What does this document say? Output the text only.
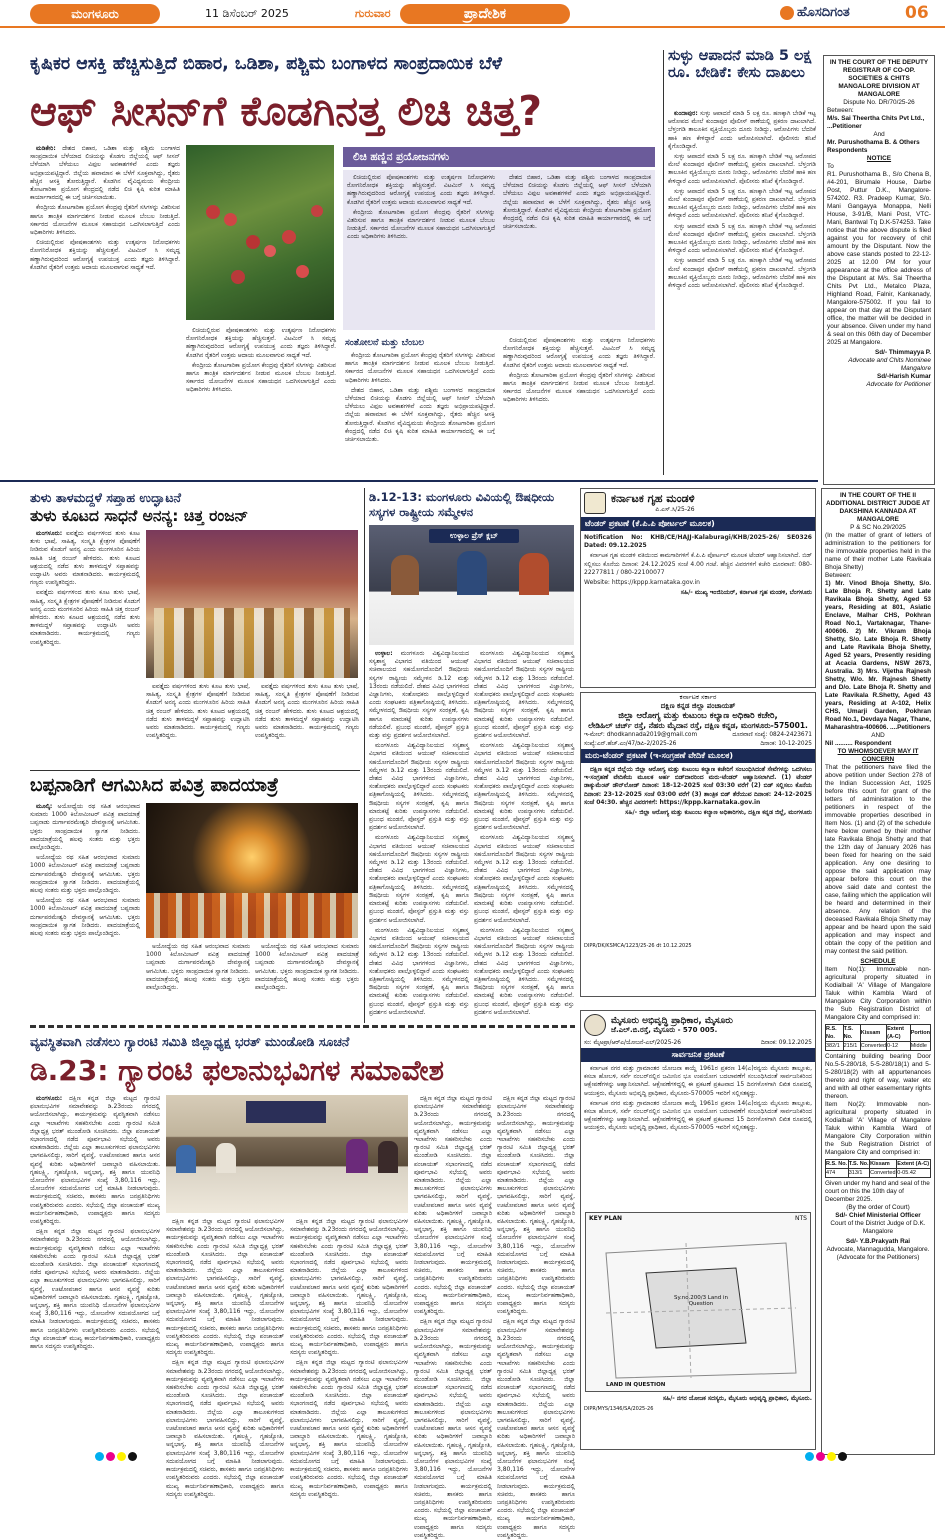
ಮಂಗಳೂರು	11 ಡಿಸೆಂಬರ್ 2025	ಗುರುವಾರ	ಪ್ರಾದೇಶಿಕ	ಹೊಸದಿಗಂತ	06
ಕೃಷಿಕರ ಆಸಕ್ತಿ ಹೆಚ್ಚಿಸುತ್ತಿದೆ ಬಿಹಾರ, ಒಡಿಶಾ, ಪಶ್ಚಿಮ ಬಂಗಾಳದ ಸಾಂಪ್ರದಾಯಿಕ ಬೆಳೆ
ಆಫ್ ಸೀಸನ್‌ಗೆ ಕೊಡಗಿನತ್ತ ಲಿಚಿ ಚಿತ್ತ?

ಮಡಿಕೇರಿ: ದೇಶದ ಬಿಹಾರ, ಒಡಿಶಾ ಮತ್ತು ಪಶ್ಚಿಮ ಬಂಗಾಳದ ಸಾಂಪ್ರದಾಯಿಕ ಬೆಳೆಯಾದ ಲಿಚಿಯನ್ನು ಕೊಡಗು ಜಿಲ್ಲೆಯಲ್ಲಿ ಆಫ್ ಸೀಸನ್ ಬೆಳೆಯಾಗಿ ಬೆಳೆಯಲು ವಿಫುಲ ಅವಕಾಶಗಳಿವೆ ಎಂದು ತಜ್ಞರು ಅಭಿಪ್ರಾಯಪಟ್ಟಿದ್ದಾರೆ. ಜಿಲ್ಲೆಯ ಹವಾಮಾನ ಈ ಬೆಳೆಗೆ ಸೂಕ್ತವಾಗಿದ್ದು, ರೈತರು ಹೆಚ್ಚಿನ ಆಸಕ್ತಿ ತೋರುತ್ತಿದ್ದಾರೆ. ಕೊಡಗಿನ ವೈವಿಧ್ಯಮಯ ಕೇಂದ್ರೀಯ ತೋಟಗಾರಿಕಾ ಪ್ರಯೋಗ ಕೇಂದ್ರದಲ್ಲಿ ನಡೆದ ಲಿಚಿ ಕೃಷಿ ಕುರಿತ ಮಾಹಿತಿ ಕಾರ್ಯಾಗಾರದಲ್ಲಿ ಈ ಬಗ್ಗೆ ಚರ್ಚಿಸಲಾಯಿತು.

ಕೇಂದ್ರೀಯ ತೋಟಗಾರಿಕಾ ಪ್ರಯೋಗ ಕೇಂದ್ರವು ರೈತರಿಗೆ ಸಸಿಗಳನ್ನು ವಿತರಿಸುವ ಹಾಗೂ ತಾಂತ್ರಿಕ ಮಾರ್ಗದರ್ಶನ ನೀಡುವ ಮೂಲಕ ಬೆಂಬಲ ನೀಡುತ್ತಿದೆ. ಸರ್ಕಾರದ ಯೋಜನೆಗಳ ಮೂಲಕ ಸಹಾಯಧನ ಒದಗಿಸಲಾಗುತ್ತಿದೆ ಎಂದು ಅಧಿಕಾರಿಗಳು ತಿಳಿಸಿದರು.

ಲಿಚಿಯಲ್ಲಿರುವ ಪೋಷಕಾಂಶಗಳು ಮತ್ತು ಉತ್ಕರ್ಷಣ ನಿರೋಧಕಗಳು ರೋಗನಿರೋಧಕ ಶಕ್ತಿಯನ್ನು ಹೆಚ್ಚಿಸುತ್ತವೆ. ವಿಟಮಿನ್ ಸಿ ಸಮೃದ್ಧ ಹಣ್ಣಾಗಿರುವುದರಿಂದ ಆರೋಗ್ಯಕ್ಕೆ ಉಪಯುಕ್ತ ಎಂದು ತಜ್ಞರು ತಿಳಿಸಿದ್ದಾರೆ. ಕೊಡಗಿನ ರೈತರಿಗೆ ಉತ್ತಮ ಆದಾಯ ಮೂಲವಾಗುವ ಸಾಧ್ಯತೆ ಇದೆ.

ಲಿಚಿ ಹಣ್ಣಿನ ಪ್ರಯೋಜನಗಳು

ಲಿಚಿಯಲ್ಲಿರುವ ಪೋಷಕಾಂಶಗಳು ಮತ್ತು ಉತ್ಕರ್ಷಣ ನಿರೋಧಕಗಳು ರೋಗನಿರೋಧಕ ಶಕ್ತಿಯನ್ನು ಹೆಚ್ಚಿಸುತ್ತವೆ. ವಿಟಮಿನ್ ಸಿ ಸಮೃದ್ಧ ಹಣ್ಣಾಗಿರುವುದರಿಂದ ಆರೋಗ್ಯಕ್ಕೆ ಉಪಯುಕ್ತ ಎಂದು ತಜ್ಞರು ತಿಳಿಸಿದ್ದಾರೆ. ಕೊಡಗಿನ ರೈತರಿಗೆ ಉತ್ತಮ ಆದಾಯ ಮೂಲವಾಗುವ ಸಾಧ್ಯತೆ ಇದೆ.

ಕೇಂದ್ರೀಯ ತೋಟಗಾರಿಕಾ ಪ್ರಯೋಗ ಕೇಂದ್ರವು ರೈತರಿಗೆ ಸಸಿಗಳನ್ನು ವಿತರಿಸುವ ಹಾಗೂ ತಾಂತ್ರಿಕ ಮಾರ್ಗದರ್ಶನ ನೀಡುವ ಮೂಲಕ ಬೆಂಬಲ ನೀಡುತ್ತಿದೆ. ಸರ್ಕಾರದ ಯೋಜನೆಗಳ ಮೂಲಕ ಸಹಾಯಧನ ಒದಗಿಸಲಾಗುತ್ತಿದೆ ಎಂದು ಅಧಿಕಾರಿಗಳು ತಿಳಿಸಿದರು.

ದೇಶದ ಬಿಹಾರ, ಒಡಿಶಾ ಮತ್ತು ಪಶ್ಚಿಮ ಬಂಗಾಳದ ಸಾಂಪ್ರದಾಯಿಕ ಬೆಳೆಯಾದ ಲಿಚಿಯನ್ನು ಕೊಡಗು ಜಿಲ್ಲೆಯಲ್ಲಿ ಆಫ್ ಸೀಸನ್ ಬೆಳೆಯಾಗಿ ಬೆಳೆಯಲು ವಿಫುಲ ಅವಕಾಶಗಳಿವೆ ಎಂದು ತಜ್ಞರು ಅಭಿಪ್ರಾಯಪಟ್ಟಿದ್ದಾರೆ. ಜಿಲ್ಲೆಯ ಹವಾಮಾನ ಈ ಬೆಳೆಗೆ ಸೂಕ್ತವಾಗಿದ್ದು, ರೈತರು ಹೆಚ್ಚಿನ ಆಸಕ್ತಿ ತೋರುತ್ತಿದ್ದಾರೆ. ಕೊಡಗಿನ ವೈವಿಧ್ಯಮಯ ಕೇಂದ್ರೀಯ ತೋಟಗಾರಿಕಾ ಪ್ರಯೋಗ ಕೇಂದ್ರದಲ್ಲಿ ನಡೆದ ಲಿಚಿ ಕೃಷಿ ಕುರಿತ ಮಾಹಿತಿ ಕಾರ್ಯಾಗಾರದಲ್ಲಿ ಈ ಬಗ್ಗೆ ಚರ್ಚಿಸಲಾಯಿತು.

ಲಿಚಿಯಲ್ಲಿರುವ ಪೋಷಕಾಂಶಗಳು ಮತ್ತು ಉತ್ಕರ್ಷಣ ನಿರೋಧಕಗಳು ರೋಗನಿರೋಧಕ ಶಕ್ತಿಯನ್ನು ಹೆಚ್ಚಿಸುತ್ತವೆ. ವಿಟಮಿನ್ ಸಿ ಸಮೃದ್ಧ ಹಣ್ಣಾಗಿರುವುದರಿಂದ ಆರೋಗ್ಯಕ್ಕೆ ಉಪಯುಕ್ತ ಎಂದು ತಜ್ಞರು ತಿಳಿಸಿದ್ದಾರೆ. ಕೊಡಗಿನ ರೈತರಿಗೆ ಉತ್ತಮ ಆದಾಯ ಮೂಲವಾಗುವ ಸಾಧ್ಯತೆ ಇದೆ.

ಕೇಂದ್ರೀಯ ತೋಟಗಾರಿಕಾ ಪ್ರಯೋಗ ಕೇಂದ್ರವು ರೈತರಿಗೆ ಸಸಿಗಳನ್ನು ವಿತರಿಸುವ ಹಾಗೂ ತಾಂತ್ರಿಕ ಮಾರ್ಗದರ್ಶನ ನೀಡುವ ಮೂಲಕ ಬೆಂಬಲ ನೀಡುತ್ತಿದೆ. ಸರ್ಕಾರದ ಯೋಜನೆಗಳ ಮೂಲಕ ಸಹಾಯಧನ ಒದಗಿಸಲಾಗುತ್ತಿದೆ ಎಂದು ಅಧಿಕಾರಿಗಳು ತಿಳಿಸಿದರು.

ಸಂತೋಲನೆ ಮತ್ತು ಬೆಂಬಲ

ಕೇಂದ್ರೀಯ ತೋಟಗಾರಿಕಾ ಪ್ರಯೋಗ ಕೇಂದ್ರವು ರೈತರಿಗೆ ಸಸಿಗಳನ್ನು ವಿತರಿಸುವ ಹಾಗೂ ತಾಂತ್ರಿಕ ಮಾರ್ಗದರ್ಶನ ನೀಡುವ ಮೂಲಕ ಬೆಂಬಲ ನೀಡುತ್ತಿದೆ. ಸರ್ಕಾರದ ಯೋಜನೆಗಳ ಮೂಲಕ ಸಹಾಯಧನ ಒದಗಿಸಲಾಗುತ್ತಿದೆ ಎಂದು ಅಧಿಕಾರಿಗಳು ತಿಳಿಸಿದರು.

ದೇಶದ ಬಿಹಾರ, ಒಡಿಶಾ ಮತ್ತು ಪಶ್ಚಿಮ ಬಂಗಾಳದ ಸಾಂಪ್ರದಾಯಿಕ ಬೆಳೆಯಾದ ಲಿಚಿಯನ್ನು ಕೊಡಗು ಜಿಲ್ಲೆಯಲ್ಲಿ ಆಫ್ ಸೀಸನ್ ಬೆಳೆಯಾಗಿ ಬೆಳೆಯಲು ವಿಫುಲ ಅವಕಾಶಗಳಿವೆ ಎಂದು ತಜ್ಞರು ಅಭಿಪ್ರಾಯಪಟ್ಟಿದ್ದಾರೆ. ಜಿಲ್ಲೆಯ ಹವಾಮಾನ ಈ ಬೆಳೆಗೆ ಸೂಕ್ತವಾಗಿದ್ದು, ರೈತರು ಹೆಚ್ಚಿನ ಆಸಕ್ತಿ ತೋರುತ್ತಿದ್ದಾರೆ. ಕೊಡಗಿನ ವೈವಿಧ್ಯಮಯ ಕೇಂದ್ರೀಯ ತೋಟಗಾರಿಕಾ ಪ್ರಯೋಗ ಕೇಂದ್ರದಲ್ಲಿ ನಡೆದ ಲಿಚಿ ಕೃಷಿ ಕುರಿತ ಮಾಹಿತಿ ಕಾರ್ಯಾಗಾರದಲ್ಲಿ ಈ ಬಗ್ಗೆ ಚರ್ಚಿಸಲಾಯಿತು.

ಲಿಚಿಯಲ್ಲಿರುವ ಪೋಷಕಾಂಶಗಳು ಮತ್ತು ಉತ್ಕರ್ಷಣ ನಿರೋಧಕಗಳು ರೋಗನಿರೋಧಕ ಶಕ್ತಿಯನ್ನು ಹೆಚ್ಚಿಸುತ್ತವೆ. ವಿಟಮಿನ್ ಸಿ ಸಮೃದ್ಧ ಹಣ್ಣಾಗಿರುವುದರಿಂದ ಆರೋಗ್ಯಕ್ಕೆ ಉಪಯುಕ್ತ ಎಂದು ತಜ್ಞರು ತಿಳಿಸಿದ್ದಾರೆ. ಕೊಡಗಿನ ರೈತರಿಗೆ ಉತ್ತಮ ಆದಾಯ ಮೂಲವಾಗುವ ಸಾಧ್ಯತೆ ಇದೆ.

ಕೇಂದ್ರೀಯ ತೋಟಗಾರಿಕಾ ಪ್ರಯೋಗ ಕೇಂದ್ರವು ರೈತರಿಗೆ ಸಸಿಗಳನ್ನು ವಿತರಿಸುವ ಹಾಗೂ ತಾಂತ್ರಿಕ ಮಾರ್ಗದರ್ಶನ ನೀಡುವ ಮೂಲಕ ಬೆಂಬಲ ನೀಡುತ್ತಿದೆ. ಸರ್ಕಾರದ ಯೋಜನೆಗಳ ಮೂಲಕ ಸಹಾಯಧನ ಒದಗಿಸಲಾಗುತ್ತಿದೆ ಎಂದು ಅಧಿಕಾರಿಗಳು ತಿಳಿಸಿದರು.

ಸುಳ್ಳು ಆಪಾದನೆ ಮಾಡಿ 5 ಲಕ್ಷ ರೂ. ಬೇಡಿಕೆ: ಕೇಸು ದಾಖಲು

ಕುಂದಾಪುರ: ಸುಳ್ಳು ಆಪಾದನೆ ಮಾಡಿ 5 ಲಕ್ಷ ರೂ. ಹಣಕ್ಕಾಗಿ ಬೇಡಿಕೆ ಇಟ್ಟ ಆರೋಪದ ಮೇಲೆ ಕುಂದಾಪುರ ಪೊಲೀಸ್ ಠಾಣೆಯಲ್ಲಿ ಪ್ರಕರಣ ದಾಖಲಾಗಿದೆ. ಬೆಳ್ತಂಗಡಿ ತಾಲೂಕಿನ ವ್ಯಕ್ತಿಯೊಬ್ಬರು ದೂರು ನೀಡಿದ್ದು, ಆರೋಪಿಗಳು ಬೆದರಿಕೆ ಹಾಕಿ ಹಣ ಕೇಳಿದ್ದಾರೆ ಎಂದು ಆರೋಪಿಸಲಾಗಿದೆ. ಪೊಲೀಸರು ತನಿಖೆ ಕೈಗೊಂಡಿದ್ದಾರೆ.

ಸುಳ್ಳು ಆಪಾದನೆ ಮಾಡಿ 5 ಲಕ್ಷ ರೂ. ಹಣಕ್ಕಾಗಿ ಬೇಡಿಕೆ ಇಟ್ಟ ಆರೋಪದ ಮೇಲೆ ಕುಂದಾಪುರ ಪೊಲೀಸ್ ಠಾಣೆಯಲ್ಲಿ ಪ್ರಕರಣ ದಾಖಲಾಗಿದೆ. ಬೆಳ್ತಂಗಡಿ ತಾಲೂಕಿನ ವ್ಯಕ್ತಿಯೊಬ್ಬರು ದೂರು ನೀಡಿದ್ದು, ಆರೋಪಿಗಳು ಬೆದರಿಕೆ ಹಾಕಿ ಹಣ ಕೇಳಿದ್ದಾರೆ ಎಂದು ಆರೋಪಿಸಲಾಗಿದೆ. ಪೊಲೀಸರು ತನಿಖೆ ಕೈಗೊಂಡಿದ್ದಾರೆ.

ಸುಳ್ಳು ಆಪಾದನೆ ಮಾಡಿ 5 ಲಕ್ಷ ರೂ. ಹಣಕ್ಕಾಗಿ ಬೇಡಿಕೆ ಇಟ್ಟ ಆರೋಪದ ಮೇಲೆ ಕುಂದಾಪುರ ಪೊಲೀಸ್ ಠಾಣೆಯಲ್ಲಿ ಪ್ರಕರಣ ದಾಖಲಾಗಿದೆ. ಬೆಳ್ತಂಗಡಿ ತಾಲೂಕಿನ ವ್ಯಕ್ತಿಯೊಬ್ಬರು ದೂರು ನೀಡಿದ್ದು, ಆರೋಪಿಗಳು ಬೆದರಿಕೆ ಹಾಕಿ ಹಣ ಕೇಳಿದ್ದಾರೆ ಎಂದು ಆರೋಪಿಸಲಾಗಿದೆ. ಪೊಲೀಸರು ತನಿಖೆ ಕೈಗೊಂಡಿದ್ದಾರೆ.

ಸುಳ್ಳು ಆಪಾದನೆ ಮಾಡಿ 5 ಲಕ್ಷ ರೂ. ಹಣಕ್ಕಾಗಿ ಬೇಡಿಕೆ ಇಟ್ಟ ಆರೋಪದ ಮೇಲೆ ಕುಂದಾಪುರ ಪೊಲೀಸ್ ಠಾಣೆಯಲ್ಲಿ ಪ್ರಕರಣ ದಾಖಲಾಗಿದೆ. ಬೆಳ್ತಂಗಡಿ ತಾಲೂಕಿನ ವ್ಯಕ್ತಿಯೊಬ್ಬರು ದೂರು ನೀಡಿದ್ದು, ಆರೋಪಿಗಳು ಬೆದರಿಕೆ ಹಾಕಿ ಹಣ ಕೇಳಿದ್ದಾರೆ ಎಂದು ಆರೋಪಿಸಲಾಗಿದೆ. ಪೊಲೀಸರು ತನಿಖೆ ಕೈಗೊಂಡಿದ್ದಾರೆ.

ಸುಳ್ಳು ಆಪಾದನೆ ಮಾಡಿ 5 ಲಕ್ಷ ರೂ. ಹಣಕ್ಕಾಗಿ ಬೇಡಿಕೆ ಇಟ್ಟ ಆರೋಪದ ಮೇಲೆ ಕುಂದಾಪುರ ಪೊಲೀಸ್ ಠಾಣೆಯಲ್ಲಿ ಪ್ರಕರಣ ದಾಖಲಾಗಿದೆ. ಬೆಳ್ತಂಗಡಿ ತಾಲೂಕಿನ ವ್ಯಕ್ತಿಯೊಬ್ಬರು ದೂರು ನೀಡಿದ್ದು, ಆರೋಪಿಗಳು ಬೆದರಿಕೆ ಹಾಕಿ ಹಣ ಕೇಳಿದ್ದಾರೆ ಎಂದು ಆರೋಪಿಸಲಾಗಿದೆ. ಪೊಲೀಸರು ತನಿಖೆ ಕೈಗೊಂಡಿದ್ದಾರೆ.

IN THE COURT OF THE DEPUTY REGISTRAR OF CO-OP. SOCIETIES & CHITS MANGALORE DIVISION AT MANGALORE
Dispute No. DR/70/25-26
Between:
M/s. Sai Theertha Chits Pvt Ltd., ...Petitioner
And
Mr. Purushothama B. & Others Respondents
NOTICE
To
R1. Purushothama B., S/o Chena B, #4-201, Birumale House, Darbe Post, Puttur D.K., Mangalore-574202. R3. Pradeep Kumar, S/o. Mani Gangayya Monappa, Nelli House, 3-91/B, Mani Post, VTC- Mani, Bantwal Tq D.K-574253. Take notice that the above dispute is filed against you for recovery of chit amount by the Disputant. Now the above case stands posted to 22-12-2025 at 12.00 PM for your appearance at the office address of the Disputant at M/s. Sai Theertha Chits Pvt Ltd., Metalco Plaza, Highland Road, Falnir, Kankanady, Mangalore-575002. If you fail to appear on that day at the Disputant office, the matter will be decided in your absence. Given under my hand & seal on this 06th day of December 2025 at Mangalore.
Sd/- Thimmayya P.
Advocate and Chits Nominee Mangalore
Sd/-Harish Kumar
Advocate for Petitioner
ತುಳು ತಾಳಮದ್ದಳೆ ಸಪ್ತಾಹ ಉದ್ಘಾಟನೆ
ತುಳು ಕೂಟದ ಸಾಧನೆ ಅನನ್ಯ: ಚಿತ್ತ ರಂಜನ್

ಮಂಗಳೂರು: ಐವತ್ತೈದು ವರ್ಷಗಳಿಂದ ತುಳು ಕೂಟ ತುಳು ಭಾಷೆ, ಸಾಹಿತ್ಯ, ಸಂಸ್ಕೃತಿ ಕ್ಷೇತ್ರಗಳ ಪೋಷಣೆಗೆ ನೀಡಿರುವ ಕೊಡುಗೆ ಅನನ್ಯ ಎಂದು ಮಂಗಳೂರಿನ ಹಿರಿಯ ಸಾಹಿತಿ ಚಿತ್ತ ರಂಜನ್ ಹೇಳಿದರು. ತುಳು ಕೂಟದ ಆಶ್ರಯದಲ್ಲಿ ನಡೆದ ತುಳು ತಾಳಮದ್ದಳೆ ಸಪ್ತಾಹವನ್ನು ಉದ್ಘಾಟಿಸಿ ಅವರು ಮಾತನಾಡಿದರು. ಕಾರ್ಯಕ್ರಮದಲ್ಲಿ ಗಣ್ಯರು ಉಪಸ್ಥಿತರಿದ್ದರು.

ಐವತ್ತೈದು ವರ್ಷಗಳಿಂದ ತುಳು ಕೂಟ ತುಳು ಭಾಷೆ, ಸಾಹಿತ್ಯ, ಸಂಸ್ಕೃತಿ ಕ್ಷೇತ್ರಗಳ ಪೋಷಣೆಗೆ ನೀಡಿರುವ ಕೊಡುಗೆ ಅನನ್ಯ ಎಂದು ಮಂಗಳೂರಿನ ಹಿರಿಯ ಸಾಹಿತಿ ಚಿತ್ತ ರಂಜನ್ ಹೇಳಿದರು. ತುಳು ಕೂಟದ ಆಶ್ರಯದಲ್ಲಿ ನಡೆದ ತುಳು ತಾಳಮದ್ದಳೆ ಸಪ್ತಾಹವನ್ನು ಉದ್ಘಾಟಿಸಿ ಅವರು ಮಾತನಾಡಿದರು. ಕಾರ್ಯಕ್ರಮದಲ್ಲಿ ಗಣ್ಯರು ಉಪಸ್ಥಿತರಿದ್ದರು.

ಐವತ್ತೈದು ವರ್ಷಗಳಿಂದ ತುಳು ಕೂಟ ತುಳು ಭಾಷೆ, ಸಾಹಿತ್ಯ, ಸಂಸ್ಕೃತಿ ಕ್ಷೇತ್ರಗಳ ಪೋಷಣೆಗೆ ನೀಡಿರುವ ಕೊಡುಗೆ ಅನನ್ಯ ಎಂದು ಮಂಗಳೂರಿನ ಹಿರಿಯ ಸಾಹಿತಿ ಚಿತ್ತ ರಂಜನ್ ಹೇಳಿದರು. ತುಳು ಕೂಟದ ಆಶ್ರಯದಲ್ಲಿ ನಡೆದ ತುಳು ತಾಳಮದ್ದಳೆ ಸಪ್ತಾಹವನ್ನು ಉದ್ಘಾಟಿಸಿ ಅವರು ಮಾತನಾಡಿದರು. ಕಾರ್ಯಕ್ರಮದಲ್ಲಿ ಗಣ್ಯರು ಉಪಸ್ಥಿತರಿದ್ದರು.

ಐವತ್ತೈದು ವರ್ಷಗಳಿಂದ ತುಳು ಕೂಟ ತುಳು ಭಾಷೆ, ಸಾಹಿತ್ಯ, ಸಂಸ್ಕೃತಿ ಕ್ಷೇತ್ರಗಳ ಪೋಷಣೆಗೆ ನೀಡಿರುವ ಕೊಡುಗೆ ಅನನ್ಯ ಎಂದು ಮಂಗಳೂರಿನ ಹಿರಿಯ ಸಾಹಿತಿ ಚಿತ್ತ ರಂಜನ್ ಹೇಳಿದರು. ತುಳು ಕೂಟದ ಆಶ್ರಯದಲ್ಲಿ ನಡೆದ ತುಳು ತಾಳಮದ್ದಳೆ ಸಪ್ತಾಹವನ್ನು ಉದ್ಘಾಟಿಸಿ ಅವರು ಮಾತನಾಡಿದರು. ಕಾರ್ಯಕ್ರಮದಲ್ಲಿ ಗಣ್ಯರು ಉಪಸ್ಥಿತರಿದ್ದರು.

ಬಪ್ಪನಾಡಿಗೆ ಆಗಮಿಸಿದ ಪವಿತ್ರ ಪಾದಯಾತ್ರೆ

ಮೂಲ್ಕಿ: ಅಯೋಧ್ಯೆಯ ರಥ ಸಹಿತ ಆರಂಭವಾದ ಸುಮಾರು 1000 ಕಿಲೋಮೀಟರ್ ಪವಿತ್ರ ಪಾದಯಾತ್ರೆ ಬಪ್ಪನಾಡು ದುರ್ಗಾಪರಮೇಶ್ವರಿ ದೇವಸ್ಥಾನಕ್ಕೆ ಆಗಮಿಸಿತು. ಭಕ್ತರು ಸಾಂಪ್ರದಾಯಿಕ ಸ್ವಾಗತ ನೀಡಿದರು. ಪಾದಯಾತ್ರೆಯಲ್ಲಿ ಹಲವು ಸಂತರು ಮತ್ತು ಭಕ್ತರು ಪಾಲ್ಗೊಂಡಿದ್ದರು.

ಅಯೋಧ್ಯೆಯ ರಥ ಸಹಿತ ಆರಂಭವಾದ ಸುಮಾರು 1000 ಕಿಲೋಮೀಟರ್ ಪವಿತ್ರ ಪಾದಯಾತ್ರೆ ಬಪ್ಪನಾಡು ದುರ್ಗಾಪರಮೇಶ್ವರಿ ದೇವಸ್ಥಾನಕ್ಕೆ ಆಗಮಿಸಿತು. ಭಕ್ತರು ಸಾಂಪ್ರದಾಯಿಕ ಸ್ವಾಗತ ನೀಡಿದರು. ಪಾದಯಾತ್ರೆಯಲ್ಲಿ ಹಲವು ಸಂತರು ಮತ್ತು ಭಕ್ತರು ಪಾಲ್ಗೊಂಡಿದ್ದರು.

ಅಯೋಧ್ಯೆಯ ರಥ ಸಹಿತ ಆರಂಭವಾದ ಸುಮಾರು 1000 ಕಿಲೋಮೀಟರ್ ಪವಿತ್ರ ಪಾದಯಾತ್ರೆ ಬಪ್ಪನಾಡು ದುರ್ಗಾಪರಮೇಶ್ವರಿ ದೇವಸ್ಥಾನಕ್ಕೆ ಆಗಮಿಸಿತು. ಭಕ್ತರು ಸಾಂಪ್ರದಾಯಿಕ ಸ್ವಾಗತ ನೀಡಿದರು. ಪಾದಯಾತ್ರೆಯಲ್ಲಿ ಹಲವು ಸಂತರು ಮತ್ತು ಭಕ್ತರು ಪಾಲ್ಗೊಂಡಿದ್ದರು.

ಅಯೋಧ್ಯೆಯ ರಥ ಸಹಿತ ಆರಂಭವಾದ ಸುಮಾರು 1000 ಕಿಲೋಮೀಟರ್ ಪವಿತ್ರ ಪಾದಯಾತ್ರೆ ಬಪ್ಪನಾಡು ದುರ್ಗಾಪರಮೇಶ್ವರಿ ದೇವಸ್ಥಾನಕ್ಕೆ ಆಗಮಿಸಿತು. ಭಕ್ತರು ಸಾಂಪ್ರದಾಯಿಕ ಸ್ವಾಗತ ನೀಡಿದರು. ಪಾದಯಾತ್ರೆಯಲ್ಲಿ ಹಲವು ಸಂತರು ಮತ್ತು ಭಕ್ತರು ಪಾಲ್ಗೊಂಡಿದ್ದರು.

ಅಯೋಧ್ಯೆಯ ರಥ ಸಹಿತ ಆರಂಭವಾದ ಸುಮಾರು 1000 ಕಿಲೋಮೀಟರ್ ಪವಿತ್ರ ಪಾದಯಾತ್ರೆ ಬಪ್ಪನಾಡು ದುರ್ಗಾಪರಮೇಶ್ವರಿ ದೇವಸ್ಥಾನಕ್ಕೆ ಆಗಮಿಸಿತು. ಭಕ್ತರು ಸಾಂಪ್ರದಾಯಿಕ ಸ್ವಾಗತ ನೀಡಿದರು. ಪಾದಯಾತ್ರೆಯಲ್ಲಿ ಹಲವು ಸಂತರು ಮತ್ತು ಭಕ್ತರು ಪಾಲ್ಗೊಂಡಿದ್ದರು.

ಡಿ.12-13: ಮಂಗಳೂರು ವಿವಿಯಲ್ಲಿ ಔಷಧೀಯ ಸಸ್ಯಗಳ ರಾಷ್ಟ್ರೀಯ ಸಮ್ಮೇಳನ
ಉಳ್ಳಾಲ ಪ್ರೆಸ್ ಕ್ಲಬ್

ಉಳ್ಳಾಲ: ಮಂಗಳೂರು ವಿಶ್ವವಿದ್ಯಾನಿಲಯದ ಸಸ್ಯಶಾಸ್ತ್ರ ವಿಭಾಗದ ವತಿಯಿಂದ ಆಯುಷ್ ಸಚಿವಾಲಯದ ಸಹಯೋಗದೊಂದಿಗೆ ಔಷಧೀಯ ಸಸ್ಯಗಳ ರಾಷ್ಟ್ರೀಯ ಸಮ್ಮೇಳನ ಡಿ.12 ಮತ್ತು 13ರಂದು ನಡೆಯಲಿದೆ. ದೇಶದ ವಿವಿಧ ಭಾಗಗಳಿಂದ ವಿಜ್ಞಾನಿಗಳು, ಸಂಶೋಧಕರು ಪಾಲ್ಗೊಳ್ಳಲಿದ್ದಾರೆ ಎಂದು ಸಂಘಟಕರು ಪತ್ರಿಕಾಗೋಷ್ಠಿಯಲ್ಲಿ ತಿಳಿಸಿದರು. ಸಮ್ಮೇಳನದಲ್ಲಿ ಔಷಧೀಯ ಸಸ್ಯಗಳ ಸಂರಕ್ಷಣೆ, ಕೃಷಿ ಹಾಗೂ ಮಾರುಕಟ್ಟೆ ಕುರಿತು ಉಪನ್ಯಾಸಗಳು ನಡೆಯಲಿವೆ. ಪ್ರಬಂಧ ಮಂಡನೆ, ಪೋಸ್ಟರ್ ಪ್ರಸ್ತುತಿ ಮತ್ತು ವಸ್ತು ಪ್ರದರ್ಶನ ಆಯೋಜಿಸಲಾಗಿದೆ.

ಮಂಗಳೂರು ವಿಶ್ವವಿದ್ಯಾನಿಲಯದ ಸಸ್ಯಶಾಸ್ತ್ರ ವಿಭಾಗದ ವತಿಯಿಂದ ಆಯುಷ್ ಸಚಿವಾಲಯದ ಸಹಯೋಗದೊಂದಿಗೆ ಔಷಧೀಯ ಸಸ್ಯಗಳ ರಾಷ್ಟ್ರೀಯ ಸಮ್ಮೇಳನ ಡಿ.12 ಮತ್ತು 13ರಂದು ನಡೆಯಲಿದೆ. ದೇಶದ ವಿವಿಧ ಭಾಗಗಳಿಂದ ವಿಜ್ಞಾನಿಗಳು, ಸಂಶೋಧಕರು ಪಾಲ್ಗೊಳ್ಳಲಿದ್ದಾರೆ ಎಂದು ಸಂಘಟಕರು ಪತ್ರಿಕಾಗೋಷ್ಠಿಯಲ್ಲಿ ತಿಳಿಸಿದರು. ಸಮ್ಮೇಳನದಲ್ಲಿ ಔಷಧೀಯ ಸಸ್ಯಗಳ ಸಂರಕ್ಷಣೆ, ಕೃಷಿ ಹಾಗೂ ಮಾರುಕಟ್ಟೆ ಕುರಿತು ಉಪನ್ಯಾಸಗಳು ನಡೆಯಲಿವೆ. ಪ್ರಬಂಧ ಮಂಡನೆ, ಪೋಸ್ಟರ್ ಪ್ರಸ್ತುತಿ ಮತ್ತು ವಸ್ತು ಪ್ರದರ್ಶನ ಆಯೋಜಿಸಲಾಗಿದೆ.

ಮಂಗಳೂರು ವಿಶ್ವವಿದ್ಯಾನಿಲಯದ ಸಸ್ಯಶಾಸ್ತ್ರ ವಿಭಾಗದ ವತಿಯಿಂದ ಆಯುಷ್ ಸಚಿವಾಲಯದ ಸಹಯೋಗದೊಂದಿಗೆ ಔಷಧೀಯ ಸಸ್ಯಗಳ ರಾಷ್ಟ್ರೀಯ ಸಮ್ಮೇಳನ ಡಿ.12 ಮತ್ತು 13ರಂದು ನಡೆಯಲಿದೆ. ದೇಶದ ವಿವಿಧ ಭಾಗಗಳಿಂದ ವಿಜ್ಞಾನಿಗಳು, ಸಂಶೋಧಕರು ಪಾಲ್ಗೊಳ್ಳಲಿದ್ದಾರೆ ಎಂದು ಸಂಘಟಕರು ಪತ್ರಿಕಾಗೋಷ್ಠಿಯಲ್ಲಿ ತಿಳಿಸಿದರು. ಸಮ್ಮೇಳನದಲ್ಲಿ ಔಷಧೀಯ ಸಸ್ಯಗಳ ಸಂರಕ್ಷಣೆ, ಕೃಷಿ ಹಾಗೂ ಮಾರುಕಟ್ಟೆ ಕುರಿತು ಉಪನ್ಯಾಸಗಳು ನಡೆಯಲಿವೆ. ಪ್ರಬಂಧ ಮಂಡನೆ, ಪೋಸ್ಟರ್ ಪ್ರಸ್ತುತಿ ಮತ್ತು ವಸ್ತು ಪ್ರದರ್ಶನ ಆಯೋಜಿಸಲಾಗಿದೆ.

ಮಂಗಳೂರು ವಿಶ್ವವಿದ್ಯಾನಿಲಯದ ಸಸ್ಯಶಾಸ್ತ್ರ ವಿಭಾಗದ ವತಿಯಿಂದ ಆಯುಷ್ ಸಚಿವಾಲಯದ ಸಹಯೋಗದೊಂದಿಗೆ ಔಷಧೀಯ ಸಸ್ಯಗಳ ರಾಷ್ಟ್ರೀಯ ಸಮ್ಮೇಳನ ಡಿ.12 ಮತ್ತು 13ರಂದು ನಡೆಯಲಿದೆ. ದೇಶದ ವಿವಿಧ ಭಾಗಗಳಿಂದ ವಿಜ್ಞಾನಿಗಳು, ಸಂಶೋಧಕರು ಪಾಲ್ಗೊಳ್ಳಲಿದ್ದಾರೆ ಎಂದು ಸಂಘಟಕರು ಪತ್ರಿಕಾಗೋಷ್ಠಿಯಲ್ಲಿ ತಿಳಿಸಿದರು. ಸಮ್ಮೇಳನದಲ್ಲಿ ಔಷಧೀಯ ಸಸ್ಯಗಳ ಸಂರಕ್ಷಣೆ, ಕೃಷಿ ಹಾಗೂ ಮಾರುಕಟ್ಟೆ ಕುರಿತು ಉಪನ್ಯಾಸಗಳು ನಡೆಯಲಿವೆ. ಪ್ರಬಂಧ ಮಂಡನೆ, ಪೋಸ್ಟರ್ ಪ್ರಸ್ತುತಿ ಮತ್ತು ವಸ್ತು ಪ್ರದರ್ಶನ ಆಯೋಜಿಸಲಾಗಿದೆ.

ಮಂಗಳೂರು ವಿಶ್ವವಿದ್ಯಾನಿಲಯದ ಸಸ್ಯಶಾಸ್ತ್ರ ವಿಭಾಗದ ವತಿಯಿಂದ ಆಯುಷ್ ಸಚಿವಾಲಯದ ಸಹಯೋಗದೊಂದಿಗೆ ಔಷಧೀಯ ಸಸ್ಯಗಳ ರಾಷ್ಟ್ರೀಯ ಸಮ್ಮೇಳನ ಡಿ.12 ಮತ್ತು 13ರಂದು ನಡೆಯಲಿದೆ. ದೇಶದ ವಿವಿಧ ಭಾಗಗಳಿಂದ ವಿಜ್ಞಾನಿಗಳು, ಸಂಶೋಧಕರು ಪಾಲ್ಗೊಳ್ಳಲಿದ್ದಾರೆ ಎಂದು ಸಂಘಟಕರು ಪತ್ರಿಕಾಗೋಷ್ಠಿಯಲ್ಲಿ ತಿಳಿಸಿದರು. ಸಮ್ಮೇಳನದಲ್ಲಿ ಔಷಧೀಯ ಸಸ್ಯಗಳ ಸಂರಕ್ಷಣೆ, ಕೃಷಿ ಹಾಗೂ ಮಾರುಕಟ್ಟೆ ಕುರಿತು ಉಪನ್ಯಾಸಗಳು ನಡೆಯಲಿವೆ. ಪ್ರಬಂಧ ಮಂಡನೆ, ಪೋಸ್ಟರ್ ಪ್ರಸ್ತುತಿ ಮತ್ತು ವಸ್ತು ಪ್ರದರ್ಶನ ಆಯೋಜಿಸಲಾಗಿದೆ.

ಮಂಗಳೂರು ವಿಶ್ವವಿದ್ಯಾನಿಲಯದ ಸಸ್ಯಶಾಸ್ತ್ರ ವಿಭಾಗದ ವತಿಯಿಂದ ಆಯುಷ್ ಸಚಿವಾಲಯದ ಸಹಯೋಗದೊಂದಿಗೆ ಔಷಧೀಯ ಸಸ್ಯಗಳ ರಾಷ್ಟ್ರೀಯ ಸಮ್ಮೇಳನ ಡಿ.12 ಮತ್ತು 13ರಂದು ನಡೆಯಲಿದೆ. ದೇಶದ ವಿವಿಧ ಭಾಗಗಳಿಂದ ವಿಜ್ಞಾನಿಗಳು, ಸಂಶೋಧಕರು ಪಾಲ್ಗೊಳ್ಳಲಿದ್ದಾರೆ ಎಂದು ಸಂಘಟಕರು ಪತ್ರಿಕಾಗೋಷ್ಠಿಯಲ್ಲಿ ತಿಳಿಸಿದರು. ಸಮ್ಮೇಳನದಲ್ಲಿ ಔಷಧೀಯ ಸಸ್ಯಗಳ ಸಂರಕ್ಷಣೆ, ಕೃಷಿ ಹಾಗೂ ಮಾರುಕಟ್ಟೆ ಕುರಿತು ಉಪನ್ಯಾಸಗಳು ನಡೆಯಲಿವೆ. ಪ್ರಬಂಧ ಮಂಡನೆ, ಪೋಸ್ಟರ್ ಪ್ರಸ್ತುತಿ ಮತ್ತು ವಸ್ತು ಪ್ರದರ್ಶನ ಆಯೋಜಿಸಲಾಗಿದೆ.

ಮಂಗಳೂರು ವಿಶ್ವವಿದ್ಯಾನಿಲಯದ ಸಸ್ಯಶಾಸ್ತ್ರ ವಿಭಾಗದ ವತಿಯಿಂದ ಆಯುಷ್ ಸಚಿವಾಲಯದ ಸಹಯೋಗದೊಂದಿಗೆ ಔಷಧೀಯ ಸಸ್ಯಗಳ ರಾಷ್ಟ್ರೀಯ ಸಮ್ಮೇಳನ ಡಿ.12 ಮತ್ತು 13ರಂದು ನಡೆಯಲಿದೆ. ದೇಶದ ವಿವಿಧ ಭಾಗಗಳಿಂದ ವಿಜ್ಞಾನಿಗಳು, ಸಂಶೋಧಕರು ಪಾಲ್ಗೊಳ್ಳಲಿದ್ದಾರೆ ಎಂದು ಸಂಘಟಕರು ಪತ್ರಿಕಾಗೋಷ್ಠಿಯಲ್ಲಿ ತಿಳಿಸಿದರು. ಸಮ್ಮೇಳನದಲ್ಲಿ ಔಷಧೀಯ ಸಸ್ಯಗಳ ಸಂರಕ್ಷಣೆ, ಕೃಷಿ ಹಾಗೂ ಮಾರುಕಟ್ಟೆ ಕುರಿತು ಉಪನ್ಯಾಸಗಳು ನಡೆಯಲಿವೆ. ಪ್ರಬಂಧ ಮಂಡನೆ, ಪೋಸ್ಟರ್ ಪ್ರಸ್ತುತಿ ಮತ್ತು ವಸ್ತು ಪ್ರದರ್ಶನ ಆಯೋಜಿಸಲಾಗಿದೆ.

ಮಂಗಳೂರು ವಿಶ್ವವಿದ್ಯಾನಿಲಯದ ಸಸ್ಯಶಾಸ್ತ್ರ ವಿಭಾಗದ ವತಿಯಿಂದ ಆಯುಷ್ ಸಚಿವಾಲಯದ ಸಹಯೋಗದೊಂದಿಗೆ ಔಷಧೀಯ ಸಸ್ಯಗಳ ರಾಷ್ಟ್ರೀಯ ಸಮ್ಮೇಳನ ಡಿ.12 ಮತ್ತು 13ರಂದು ನಡೆಯಲಿದೆ. ದೇಶದ ವಿವಿಧ ಭಾಗಗಳಿಂದ ವಿಜ್ಞಾನಿಗಳು, ಸಂಶೋಧಕರು ಪಾಲ್ಗೊಳ್ಳಲಿದ್ದಾರೆ ಎಂದು ಸಂಘಟಕರು ಪತ್ರಿಕಾಗೋಷ್ಠಿಯಲ್ಲಿ ತಿಳಿಸಿದರು. ಸಮ್ಮೇಳನದಲ್ಲಿ ಔಷಧೀಯ ಸಸ್ಯಗಳ ಸಂರಕ್ಷಣೆ, ಕೃಷಿ ಹಾಗೂ ಮಾರುಕಟ್ಟೆ ಕುರಿತು ಉಪನ್ಯಾಸಗಳು ನಡೆಯಲಿವೆ. ಪ್ರಬಂಧ ಮಂಡನೆ, ಪೋಸ್ಟರ್ ಪ್ರಸ್ತುತಿ ಮತ್ತು ವಸ್ತು ಪ್ರದರ್ಶನ ಆಯೋಜಿಸಲಾಗಿದೆ.

ಕರ್ನಾಟಕ ಗೃಹ ಮಂಡಳಿ
ಪಿ.ಎಸ್.ಸಿ/25-26
ಟೆಂಡರ್ ಪ್ರಕಟಣೆ (ಕೆ.ಪಿ.ಪಿ ಪೋರ್ಟಲ್ ಮೂಲಕ)

Notification No: KHB/CE/HAJJ-Kalaburagi/KHB/2025-26/ SE0326 Dated: 09.12.2025

ಕರ್ನಾಟಕ ಗೃಹ ಮಂಡಳಿ ವತಿಯಿಂದ ಕಾಮಗಾರಿಗಳಿಗೆ ಕೆ.ಪಿ.ಪಿ ಪೋರ್ಟಲ್ ಮೂಲಕ ಟೆಂಡರ್ ಆಹ್ವಾನಿಸಲಾಗಿದೆ. ಬಿಡ್ ಸಲ್ಲಿಸಲು ಕೊನೆಯ ದಿನಾಂಕ: 24.12.2025 ಸಂಜೆ 4.00 ಗಂಟೆ. ಹೆಚ್ಚಿನ ವಿವರಗಳಿಗೆ ಕಚೇರಿ ದೂರವಾಣಿ: 080-22277811 / 080-22100077

Website: https://kppp.karnataka.gov.in

ಸಹಿ/- ಮುಖ್ಯ ಇಂಜಿನಿಯರ್, ಕರ್ನಾಟಕ ಗೃಹ ಮಂಡಳಿ, ಬೆಂಗಳೂರು

ಕರ್ನಾಟಕ ಸರ್ಕಾರ
ದಕ್ಷಿಣ ಕನ್ನಡ ಜಿಲ್ಲಾ ಪಂಚಾಯತ್
ಜಿಲ್ಲಾ ಆರೋಗ್ಯ ಮತ್ತು ಕುಟುಂಬ ಕಲ್ಯಾಣ ಅಧಿಕಾರಿ ಕಚೇರಿ,
ಲೇಡಿಹಿಲ್ ಚರ್ಚ್ ರಸ್ತೆ, ನೆಹರು ಮೈದಾನ ರಸ್ತೆ, ದಕ್ಷಿಣ ಕನ್ನಡ, ಮಂಗಳೂರು-575001.
ಇ-ಮೇಲ್: dhodkannada2019@gmail.com	ದೂರವಾಣಿ ಸಂಖ್ಯೆ: 0824-2423671
ಸಂಖ್ಯೆ:ಎನ್.ಹೆಚ್.ಎಂ/47/ಡಿಪಿ-2/2025-26	ದಿನಾಂಕ: 10-12-2025
ಮರು-ಟೆಂಡರ್ ಪ್ರಕಟಣೆ (ಇ-ಸಂಗ್ರಹಣೆ ವೇದಿಕೆ ಮೂಲಕ)

ದಕ್ಷಿಣ ಕನ್ನಡ ಜಿಲ್ಲೆಯ ಜಿಲ್ಲಾ ಆರೋಗ್ಯ ಮತ್ತು ಕುಟುಂಬ ಕಲ್ಯಾಣ ಕಚೇರಿಗೆ ಸಂಬಂಧಿಸಿದಂತೆ ಸೇವೆಗಳನ್ನು ಒದಗಿಸಲು ಇ-ಸಂಗ್ರಹಣೆ ವೇದಿಕೆಯ ಮೂಲಕ ಅರ್ಹ ಬಿಡ್‌ದಾರರಿಂದ ಮರು-ಟೆಂಡರ್ ಆಹ್ವಾನಿಸಲಾಗಿದೆ. (1) ಟೆಂಡರ್ ಡಾಕ್ಯುಮೆಂಟ್ ಡೌನ್‌ಲೋಡ್ ದಿನಾಂಕ: 18-12-2025 ಸಂಜೆ 03:30 ವರೆಗೆ (2) ಬಿಡ್ ಸಲ್ಲಿಸಲು ಕೊನೆಯ ದಿನಾಂಕ: 23-12-2025 ಸಂಜೆ 03:00 ವರೆಗೆ (3) ತಾಂತ್ರಿಕ ಬಿಡ್ ತೆರೆಯುವ ದಿನಾಂಕ: 24-12-2025 ಸಂಜೆ 04:30. ಹೆಚ್ಚಿನ ವಿವರಗಳಿಗೆ: https://kppp.karnataka.gov.in

ಸಹಿ/- ಜಿಲ್ಲಾ ಆರೋಗ್ಯ ಮತ್ತು ಕುಟುಂಬ ಕಲ್ಯಾಣ ಅಧಿಕಾರಿಗಳು, ದಕ್ಷಿಣ ಕನ್ನಡ ಜಿಲ್ಲೆ, ಮಂಗಳೂರು

DIPR/DK/KSMCA/1223/25-26 dt 10.12.2025
IN THE COURT OF THE II ADDITIONAL DISTRICT JUDGE AT DAKSHINA KANNADA AT MANGALORE
P & SC No.29/2025
(In the matter of grant of letters of administration to the petitioners for the immovable properties held in the name of their mother Late Ravikala Bhoja Shetty)
Between:
1) Mr. Vinod Bhoja Shetty, S/o. Late Bhoja R. Shetty and Late Ravikala Bhoja Shetty, Aged 53 years, Residing at 801, Asiatic Enclave, Malhar CHS, Pokhran Road No.1, Vartaknagar, Thane-400606. 2) Mr. Vikram Bhoja Shetty, S/o. Late Bhoja R. Shetty and Late Ravikala Bhoja Shetty, Aged 52 years, Presently residing at Acacia Gardens, NSW 2673, Australia. 3) Mrs. Vijetha Rajnesh Shetty, W/o. Mr. Rajnesh Shetty and D/o. Late Bhoja R. Shetty and Late Ravikala R.Shetty, Aged 43 years, Residing at A-102, Helix CHS, Umarji Garden, Pokhran Road No.1, Devdaya Nagar, Thane, Maharashtra-400606. ....Petitioners
AND
Nil .......... Respondent
TO WHOMSOEVER MAY IT CONCERN
That the petitioners have filed the above petition under Section 278 of the Indian Succession Act, 1925 before this court for grant of the letters of administration to the petitioners in respect of the immovable properties described in Item Nos. (1) and (2) of the schedule here below owned by their mother late Ravikala Bhoja Shetty and that the 12th day of January 2026 has been fixed for hearing on the said application. Any one desiring to oppose the said application may appear before this court on the above said date and contest the case, failing which the application will be heard and determined in their absence. Any relation of the deceased Ravikala Bhoja Shetty may appear and be heard upon the said application and may inspect and obtain the copy of the petition and may contest the said petition.
SCHEDULE
Item No(1): Immovable non-agricultural property situated in Kodialbail 'A' Village of Mangalore Taluk within Kambla Ward of Mangalore City Corporation within the Sub Registration District of Mangalore City and comprised in:
R.S. No.	T.S. No.	Kissam	Extent (A-C)	Portion
382/1	215/1	Converted	0-12	Middle
Containing building bearing Door No.5-5-280/18, 5-5-280/18(1) and 5-5-280/18(2) with all appurtenances thereto and right of way, water etc and with all other easementary rights thereon.
Item No(2): Immovable non-agricultural property situated in Kodialbail 'A' Village of Mangalore Taluk within Kambla Ward of Mangalore City Corporation within the Sub Registration District of Mangalore City and comprised in:
R.S. No.	T.S. No.	Kissam	Extent (A-C)
474	313/1	Converted	0-05.42
Given under my hand and seal of the court on this the 10th day of December 2025.
(By the order of Court)
Sd/- Chief Ministerial Officer
Court of the District Judge of D.K. Mangalore
Sd/- Y.B.Prakyath Rai
Advocate, Mannagudda, Mangalore. (Advocate for the Petitioners)
ವ್ಯವಸ್ಥಿತವಾಗಿ ನಡೆಸಲು ಗ್ಯಾರಂಟಿ ಸಮಿತಿ ಜಿಲ್ಲಾಧ್ಯಕ್ಷ ಭರತ್ ಮುಂಡೋಡಿ ಸೂಚನೆ
ಡಿ.23: ಗ್ಯಾರಂಟಿ ಫಲಾನುಭವಿಗಳ ಸಮಾವೇಶ

ಮಂಗಳೂರು: ದಕ್ಷಿಣ ಕನ್ನಡ ಜಿಲ್ಲಾ ಮಟ್ಟದ ಗ್ಯಾರಂಟಿ ಫಲಾನುಭವಿಗಳ ಸಮಾವೇಶವನ್ನು ಡಿ.23ರಂದು ನಗರದಲ್ಲಿ ಆಯೋಜಿಸಲಾಗಿದ್ದು, ಕಾರ್ಯಕ್ರಮವನ್ನು ವ್ಯವಸ್ಥಿತವಾಗಿ ನಡೆಸಲು ಎಲ್ಲಾ ಇಲಾಖೆಗಳು ಸಹಕರಿಸಬೇಕು ಎಂದು ಗ್ಯಾರಂಟಿ ಸಮಿತಿ ಜಿಲ್ಲಾಧ್ಯಕ್ಷ ಭರತ್ ಮುಂಡೋಡಿ ಸೂಚಿಸಿದರು. ಜಿಲ್ಲಾ ಪಂಚಾಯತ್ ಸಭಾಂಗಣದಲ್ಲಿ ನಡೆದ ಪೂರ್ವಭಾವಿ ಸಭೆಯಲ್ಲಿ ಅವರು ಮಾತನಾಡಿದರು. ಜಿಲ್ಲೆಯ ಎಲ್ಲಾ ತಾಲೂಕುಗಳಿಂದ ಫಲಾನುಭವಿಗಳು ಭಾಗವಹಿಸಲಿದ್ದು, ಸಾರಿಗೆ ವ್ಯವಸ್ಥೆ, ಊಟೋಪಚಾರ ಹಾಗೂ ಆಸನ ವ್ಯವಸ್ಥೆ ಕುರಿತು ಅಧಿಕಾರಿಗಳಿಗೆ ಜವಾಬ್ದಾರಿ ವಹಿಸಲಾಯಿತು. ಗೃಹಲಕ್ಷ್ಮಿ, ಗೃಹಜ್ಯೋತಿ, ಅನ್ನಭಾಗ್ಯ, ಶಕ್ತಿ ಹಾಗೂ ಯುವನಿಧಿ ಯೋಜನೆಗಳ ಫಲಾನುಭವಿಗಳ ಸಂಖ್ಯೆ 3,80,116 ಇದ್ದು, ಯೋಜನೆಗಳ ಸದುಪಯೋಗದ ಬಗ್ಗೆ ಮಾಹಿತಿ ನೀಡಲಾಗುವುದು. ಕಾರ್ಯಕ್ರಮದಲ್ಲಿ ಸಚಿವರು, ಶಾಸಕರು ಹಾಗೂ ಜನಪ್ರತಿನಿಧಿಗಳು ಉಪಸ್ಥಿತರಿರುವರು ಎಂದರು. ಸಭೆಯಲ್ಲಿ ಜಿಲ್ಲಾ ಪಂಚಾಯತ್ ಮುಖ್ಯ ಕಾರ್ಯನಿರ್ವಹಣಾಧಿಕಾರಿ, ಉಪಾಧ್ಯಕ್ಷರು ಹಾಗೂ ಸದಸ್ಯರು ಉಪಸ್ಥಿತರಿದ್ದರು.

ದಕ್ಷಿಣ ಕನ್ನಡ ಜಿಲ್ಲಾ ಮಟ್ಟದ ಗ್ಯಾರಂಟಿ ಫಲಾನುಭವಿಗಳ ಸಮಾವೇಶವನ್ನು ಡಿ.23ರಂದು ನಗರದಲ್ಲಿ ಆಯೋಜಿಸಲಾಗಿದ್ದು, ಕಾರ್ಯಕ್ರಮವನ್ನು ವ್ಯವಸ್ಥಿತವಾಗಿ ನಡೆಸಲು ಎಲ್ಲಾ ಇಲಾಖೆಗಳು ಸಹಕರಿಸಬೇಕು ಎಂದು ಗ್ಯಾರಂಟಿ ಸಮಿತಿ ಜಿಲ್ಲಾಧ್ಯಕ್ಷ ಭರತ್ ಮುಂಡೋಡಿ ಸೂಚಿಸಿದರು. ಜಿಲ್ಲಾ ಪಂಚಾಯತ್ ಸಭಾಂಗಣದಲ್ಲಿ ನಡೆದ ಪೂರ್ವಭಾವಿ ಸಭೆಯಲ್ಲಿ ಅವರು ಮಾತನಾಡಿದರು. ಜಿಲ್ಲೆಯ ಎಲ್ಲಾ ತಾಲೂಕುಗಳಿಂದ ಫಲಾನುಭವಿಗಳು ಭಾಗವಹಿಸಲಿದ್ದು, ಸಾರಿಗೆ ವ್ಯವಸ್ಥೆ, ಊಟೋಪಚಾರ ಹಾಗೂ ಆಸನ ವ್ಯವಸ್ಥೆ ಕುರಿತು ಅಧಿಕಾರಿಗಳಿಗೆ ಜವಾಬ್ದಾರಿ ವಹಿಸಲಾಯಿತು. ಗೃಹಲಕ್ಷ್ಮಿ, ಗೃಹಜ್ಯೋತಿ, ಅನ್ನಭಾಗ್ಯ, ಶಕ್ತಿ ಹಾಗೂ ಯುವನಿಧಿ ಯೋಜನೆಗಳ ಫಲಾನುಭವಿಗಳ ಸಂಖ್ಯೆ 3,80,116 ಇದ್ದು, ಯೋಜನೆಗಳ ಸದುಪಯೋಗದ ಬಗ್ಗೆ ಮಾಹಿತಿ ನೀಡಲಾಗುವುದು. ಕಾರ್ಯಕ್ರಮದಲ್ಲಿ ಸಚಿವರು, ಶಾಸಕರು ಹಾಗೂ ಜನಪ್ರತಿನಿಧಿಗಳು ಉಪಸ್ಥಿತರಿರುವರು ಎಂದರು. ಸಭೆಯಲ್ಲಿ ಜಿಲ್ಲಾ ಪಂಚಾಯತ್ ಮುಖ್ಯ ಕಾರ್ಯನಿರ್ವಹಣಾಧಿಕಾರಿ, ಉಪಾಧ್ಯಕ್ಷರು ಹಾಗೂ ಸದಸ್ಯರು ಉಪಸ್ಥಿತರಿದ್ದರು.

ದಕ್ಷಿಣ ಕನ್ನಡ ಜಿಲ್ಲಾ ಮಟ್ಟದ ಗ್ಯಾರಂಟಿ ಫಲಾನುಭವಿಗಳ ಸಮಾವೇಶವನ್ನು ಡಿ.23ರಂದು ನಗರದಲ್ಲಿ ಆಯೋಜಿಸಲಾಗಿದ್ದು, ಕಾರ್ಯಕ್ರಮವನ್ನು ವ್ಯವಸ್ಥಿತವಾಗಿ ನಡೆಸಲು ಎಲ್ಲಾ ಇಲಾಖೆಗಳು ಸಹಕರಿಸಬೇಕು ಎಂದು ಗ್ಯಾರಂಟಿ ಸಮಿತಿ ಜಿಲ್ಲಾಧ್ಯಕ್ಷ ಭರತ್ ಮುಂಡೋಡಿ ಸೂಚಿಸಿದರು. ಜಿಲ್ಲಾ ಪಂಚಾಯತ್ ಸಭಾಂಗಣದಲ್ಲಿ ನಡೆದ ಪೂರ್ವಭಾವಿ ಸಭೆಯಲ್ಲಿ ಅವರು ಮಾತನಾಡಿದರು. ಜಿಲ್ಲೆಯ ಎಲ್ಲಾ ತಾಲೂಕುಗಳಿಂದ ಫಲಾನುಭವಿಗಳು ಭಾಗವಹಿಸಲಿದ್ದು, ಸಾರಿಗೆ ವ್ಯವಸ್ಥೆ, ಊಟೋಪಚಾರ ಹಾಗೂ ಆಸನ ವ್ಯವಸ್ಥೆ ಕುರಿತು ಅಧಿಕಾರಿಗಳಿಗೆ ಜವಾಬ್ದಾರಿ ವಹಿಸಲಾಯಿತು. ಗೃಹಲಕ್ಷ್ಮಿ, ಗೃಹಜ್ಯೋತಿ, ಅನ್ನಭಾಗ್ಯ, ಶಕ್ತಿ ಹಾಗೂ ಯುವನಿಧಿ ಯೋಜನೆಗಳ ಫಲಾನುಭವಿಗಳ ಸಂಖ್ಯೆ 3,80,116 ಇದ್ದು, ಯೋಜನೆಗಳ ಸದುಪಯೋಗದ ಬಗ್ಗೆ ಮಾಹಿತಿ ನೀಡಲಾಗುವುದು. ಕಾರ್ಯಕ್ರಮದಲ್ಲಿ ಸಚಿವರು, ಶಾಸಕರು ಹಾಗೂ ಜನಪ್ರತಿನಿಧಿಗಳು ಉಪಸ್ಥಿತರಿರುವರು ಎಂದರು. ಸಭೆಯಲ್ಲಿ ಜಿಲ್ಲಾ ಪಂಚಾಯತ್ ಮುಖ್ಯ ಕಾರ್ಯನಿರ್ವಹಣಾಧಿಕಾರಿ, ಉಪಾಧ್ಯಕ್ಷರು ಹಾಗೂ ಸದಸ್ಯರು ಉಪಸ್ಥಿತರಿದ್ದರು.

ದಕ್ಷಿಣ ಕನ್ನಡ ಜಿಲ್ಲಾ ಮಟ್ಟದ ಗ್ಯಾರಂಟಿ ಫಲಾನುಭವಿಗಳ ಸಮಾವೇಶವನ್ನು ಡಿ.23ರಂದು ನಗರದಲ್ಲಿ ಆಯೋಜಿಸಲಾಗಿದ್ದು, ಕಾರ್ಯಕ್ರಮವನ್ನು ವ್ಯವಸ್ಥಿತವಾಗಿ ನಡೆಸಲು ಎಲ್ಲಾ ಇಲಾಖೆಗಳು ಸಹಕರಿಸಬೇಕು ಎಂದು ಗ್ಯಾರಂಟಿ ಸಮಿತಿ ಜಿಲ್ಲಾಧ್ಯಕ್ಷ ಭರತ್ ಮುಂಡೋಡಿ ಸೂಚಿಸಿದರು. ಜಿಲ್ಲಾ ಪಂಚಾಯತ್ ಸಭಾಂಗಣದಲ್ಲಿ ನಡೆದ ಪೂರ್ವಭಾವಿ ಸಭೆಯಲ್ಲಿ ಅವರು ಮಾತನಾಡಿದರು. ಜಿಲ್ಲೆಯ ಎಲ್ಲಾ ತಾಲೂಕುಗಳಿಂದ ಫಲಾನುಭವಿಗಳು ಭಾಗವಹಿಸಲಿದ್ದು, ಸಾರಿಗೆ ವ್ಯವಸ್ಥೆ, ಊಟೋಪಚಾರ ಹಾಗೂ ಆಸನ ವ್ಯವಸ್ಥೆ ಕುರಿತು ಅಧಿಕಾರಿಗಳಿಗೆ ಜವಾಬ್ದಾರಿ ವಹಿಸಲಾಯಿತು. ಗೃಹಲಕ್ಷ್ಮಿ, ಗೃಹಜ್ಯೋತಿ, ಅನ್ನಭಾಗ್ಯ, ಶಕ್ತಿ ಹಾಗೂ ಯುವನಿಧಿ ಯೋಜನೆಗಳ ಫಲಾನುಭವಿಗಳ ಸಂಖ್ಯೆ 3,80,116 ಇದ್ದು, ಯೋಜನೆಗಳ ಸದುಪಯೋಗದ ಬಗ್ಗೆ ಮಾಹಿತಿ ನೀಡಲಾಗುವುದು. ಕಾರ್ಯಕ್ರಮದಲ್ಲಿ ಸಚಿವರು, ಶಾಸಕರು ಹಾಗೂ ಜನಪ್ರತಿನಿಧಿಗಳು ಉಪಸ್ಥಿತರಿರುವರು ಎಂದರು. ಸಭೆಯಲ್ಲಿ ಜಿಲ್ಲಾ ಪಂಚಾಯತ್ ಮುಖ್ಯ ಕಾರ್ಯನಿರ್ವಹಣಾಧಿಕಾರಿ, ಉಪಾಧ್ಯಕ್ಷರು ಹಾಗೂ ಸದಸ್ಯರು ಉಪಸ್ಥಿತರಿದ್ದರು.

ದಕ್ಷಿಣ ಕನ್ನಡ ಜಿಲ್ಲಾ ಮಟ್ಟದ ಗ್ಯಾರಂಟಿ ಫಲಾನುಭವಿಗಳ ಸಮಾವೇಶವನ್ನು ಡಿ.23ರಂದು ನಗರದಲ್ಲಿ ಆಯೋಜಿಸಲಾಗಿದ್ದು, ಕಾರ್ಯಕ್ರಮವನ್ನು ವ್ಯವಸ್ಥಿತವಾಗಿ ನಡೆಸಲು ಎಲ್ಲಾ ಇಲಾಖೆಗಳು ಸಹಕರಿಸಬೇಕು ಎಂದು ಗ್ಯಾರಂಟಿ ಸಮಿತಿ ಜಿಲ್ಲಾಧ್ಯಕ್ಷ ಭರತ್ ಮುಂಡೋಡಿ ಸೂಚಿಸಿದರು. ಜಿಲ್ಲಾ ಪಂಚಾಯತ್ ಸಭಾಂಗಣದಲ್ಲಿ ನಡೆದ ಪೂರ್ವಭಾವಿ ಸಭೆಯಲ್ಲಿ ಅವರು ಮಾತನಾಡಿದರು. ಜಿಲ್ಲೆಯ ಎಲ್ಲಾ ತಾಲೂಕುಗಳಿಂದ ಫಲಾನುಭವಿಗಳು ಭಾಗವಹಿಸಲಿದ್ದು, ಸಾರಿಗೆ ವ್ಯವಸ್ಥೆ, ಊಟೋಪಚಾರ ಹಾಗೂ ಆಸನ ವ್ಯವಸ್ಥೆ ಕುರಿತು ಅಧಿಕಾರಿಗಳಿಗೆ ಜವಾಬ್ದಾರಿ ವಹಿಸಲಾಯಿತು. ಗೃಹಲಕ್ಷ್ಮಿ, ಗೃಹಜ್ಯೋತಿ, ಅನ್ನಭಾಗ್ಯ, ಶಕ್ತಿ ಹಾಗೂ ಯುವನಿಧಿ ಯೋಜನೆಗಳ ಫಲಾನುಭವಿಗಳ ಸಂಖ್ಯೆ 3,80,116 ಇದ್ದು, ಯೋಜನೆಗಳ ಸದುಪಯೋಗದ ಬಗ್ಗೆ ಮಾಹಿತಿ ನೀಡಲಾಗುವುದು. ಕಾರ್ಯಕ್ರಮದಲ್ಲಿ ಸಚಿವರು, ಶಾಸಕರು ಹಾಗೂ ಜನಪ್ರತಿನಿಧಿಗಳು ಉಪಸ್ಥಿತರಿರುವರು ಎಂದರು. ಸಭೆಯಲ್ಲಿ ಜಿಲ್ಲಾ ಪಂಚಾಯತ್ ಮುಖ್ಯ ಕಾರ್ಯನಿರ್ವಹಣಾಧಿಕಾರಿ, ಉಪಾಧ್ಯಕ್ಷರು ಹಾಗೂ ಸದಸ್ಯರು ಉಪಸ್ಥಿತರಿದ್ದರು.

ದಕ್ಷಿಣ ಕನ್ನಡ ಜಿಲ್ಲಾ ಮಟ್ಟದ ಗ್ಯಾರಂಟಿ ಫಲಾನುಭವಿಗಳ ಸಮಾವೇಶವನ್ನು ಡಿ.23ರಂದು ನಗರದಲ್ಲಿ ಆಯೋಜಿಸಲಾಗಿದ್ದು, ಕಾರ್ಯಕ್ರಮವನ್ನು ವ್ಯವಸ್ಥಿತವಾಗಿ ನಡೆಸಲು ಎಲ್ಲಾ ಇಲಾಖೆಗಳು ಸಹಕರಿಸಬೇಕು ಎಂದು ಗ್ಯಾರಂಟಿ ಸಮಿತಿ ಜಿಲ್ಲಾಧ್ಯಕ್ಷ ಭರತ್ ಮುಂಡೋಡಿ ಸೂಚಿಸಿದರು. ಜಿಲ್ಲಾ ಪಂಚಾಯತ್ ಸಭಾಂಗಣದಲ್ಲಿ ನಡೆದ ಪೂರ್ವಭಾವಿ ಸಭೆಯಲ್ಲಿ ಅವರು ಮಾತನಾಡಿದರು. ಜಿಲ್ಲೆಯ ಎಲ್ಲಾ ತಾಲೂಕುಗಳಿಂದ ಫಲಾನುಭವಿಗಳು ಭಾಗವಹಿಸಲಿದ್ದು, ಸಾರಿಗೆ ವ್ಯವಸ್ಥೆ, ಊಟೋಪಚಾರ ಹಾಗೂ ಆಸನ ವ್ಯವಸ್ಥೆ ಕುರಿತು ಅಧಿಕಾರಿಗಳಿಗೆ ಜವಾಬ್ದಾರಿ ವಹಿಸಲಾಯಿತು. ಗೃಹಲಕ್ಷ್ಮಿ, ಗೃಹಜ್ಯೋತಿ, ಅನ್ನಭಾಗ್ಯ, ಶಕ್ತಿ ಹಾಗೂ ಯುವನಿಧಿ ಯೋಜನೆಗಳ ಫಲಾನುಭವಿಗಳ ಸಂಖ್ಯೆ 3,80,116 ಇದ್ದು, ಯೋಜನೆಗಳ ಸದುಪಯೋಗದ ಬಗ್ಗೆ ಮಾಹಿತಿ ನೀಡಲಾಗುವುದು. ಕಾರ್ಯಕ್ರಮದಲ್ಲಿ ಸಚಿವರು, ಶಾಸಕರು ಹಾಗೂ ಜನಪ್ರತಿನಿಧಿಗಳು ಉಪಸ್ಥಿತರಿರುವರು ಎಂದರು. ಸಭೆಯಲ್ಲಿ ಜಿಲ್ಲಾ ಪಂಚಾಯತ್ ಮುಖ್ಯ ಕಾರ್ಯನಿರ್ವಹಣಾಧಿಕಾರಿ, ಉಪಾಧ್ಯಕ್ಷರು ಹಾಗೂ ಸದಸ್ಯರು ಉಪಸ್ಥಿತರಿದ್ದರು.

ದಕ್ಷಿಣ ಕನ್ನಡ ಜಿಲ್ಲಾ ಮಟ್ಟದ ಗ್ಯಾರಂಟಿ ಫಲಾನುಭವಿಗಳ ಸಮಾವೇಶವನ್ನು ಡಿ.23ರಂದು ನಗರದಲ್ಲಿ ಆಯೋಜಿಸಲಾಗಿದ್ದು, ಕಾರ್ಯಕ್ರಮವನ್ನು ವ್ಯವಸ್ಥಿತವಾಗಿ ನಡೆಸಲು ಎಲ್ಲಾ ಇಲಾಖೆಗಳು ಸಹಕರಿಸಬೇಕು ಎಂದು ಗ್ಯಾರಂಟಿ ಸಮಿತಿ ಜಿಲ್ಲಾಧ್ಯಕ್ಷ ಭರತ್ ಮುಂಡೋಡಿ ಸೂಚಿಸಿದರು. ಜಿಲ್ಲಾ ಪಂಚಾಯತ್ ಸಭಾಂಗಣದಲ್ಲಿ ನಡೆದ ಪೂರ್ವಭಾವಿ ಸಭೆಯಲ್ಲಿ ಅವರು ಮಾತನಾಡಿದರು. ಜಿಲ್ಲೆಯ ಎಲ್ಲಾ ತಾಲೂಕುಗಳಿಂದ ಫಲಾನುಭವಿಗಳು ಭಾಗವಹಿಸಲಿದ್ದು, ಸಾರಿಗೆ ವ್ಯವಸ್ಥೆ, ಊಟೋಪಚಾರ ಹಾಗೂ ಆಸನ ವ್ಯವಸ್ಥೆ ಕುರಿತು ಅಧಿಕಾರಿಗಳಿಗೆ ಜವಾಬ್ದಾರಿ ವಹಿಸಲಾಯಿತು. ಗೃಹಲಕ್ಷ್ಮಿ, ಗೃಹಜ್ಯೋತಿ, ಅನ್ನಭಾಗ್ಯ, ಶಕ್ತಿ ಹಾಗೂ ಯುವನಿಧಿ ಯೋಜನೆಗಳ ಫಲಾನುಭವಿಗಳ ಸಂಖ್ಯೆ 3,80,116 ಇದ್ದು, ಯೋಜನೆಗಳ ಸದುಪಯೋಗದ ಬಗ್ಗೆ ಮಾಹಿತಿ ನೀಡಲಾಗುವುದು. ಕಾರ್ಯಕ್ರಮದಲ್ಲಿ ಸಚಿವರು, ಶಾಸಕರು ಹಾಗೂ ಜನಪ್ರತಿನಿಧಿಗಳು ಉಪಸ್ಥಿತರಿರುವರು ಎಂದರು. ಸಭೆಯಲ್ಲಿ ಜಿಲ್ಲಾ ಪಂಚಾಯತ್ ಮುಖ್ಯ ಕಾರ್ಯನಿರ್ವಹಣಾಧಿಕಾರಿ, ಉಪಾಧ್ಯಕ್ಷರು ಹಾಗೂ ಸದಸ್ಯರು ಉಪಸ್ಥಿತರಿದ್ದರು.

ದಕ್ಷಿಣ ಕನ್ನಡ ಜಿಲ್ಲಾ ಮಟ್ಟದ ಗ್ಯಾರಂಟಿ ಫಲಾನುಭವಿಗಳ ಸಮಾವೇಶವನ್ನು ಡಿ.23ರಂದು ನಗರದಲ್ಲಿ ಆಯೋಜಿಸಲಾಗಿದ್ದು, ಕಾರ್ಯಕ್ರಮವನ್ನು ವ್ಯವಸ್ಥಿತವಾಗಿ ನಡೆಸಲು ಎಲ್ಲಾ ಇಲಾಖೆಗಳು ಸಹಕರಿಸಬೇಕು ಎಂದು ಗ್ಯಾರಂಟಿ ಸಮಿತಿ ಜಿಲ್ಲಾಧ್ಯಕ್ಷ ಭರತ್ ಮುಂಡೋಡಿ ಸೂಚಿಸಿದರು. ಜಿಲ್ಲಾ ಪಂಚಾಯತ್ ಸಭಾಂಗಣದಲ್ಲಿ ನಡೆದ ಪೂರ್ವಭಾವಿ ಸಭೆಯಲ್ಲಿ ಅವರು ಮಾತನಾಡಿದರು. ಜಿಲ್ಲೆಯ ಎಲ್ಲಾ ತಾಲೂಕುಗಳಿಂದ ಫಲಾನುಭವಿಗಳು ಭಾಗವಹಿಸಲಿದ್ದು, ಸಾರಿಗೆ ವ್ಯವಸ್ಥೆ, ಊಟೋಪಚಾರ ಹಾಗೂ ಆಸನ ವ್ಯವಸ್ಥೆ ಕುರಿತು ಅಧಿಕಾರಿಗಳಿಗೆ ಜವಾಬ್ದಾರಿ ವಹಿಸಲಾಯಿತು. ಗೃಹಲಕ್ಷ್ಮಿ, ಗೃಹಜ್ಯೋತಿ, ಅನ್ನಭಾಗ್ಯ, ಶಕ್ತಿ ಹಾಗೂ ಯುವನಿಧಿ ಯೋಜನೆಗಳ ಫಲಾನುಭವಿಗಳ ಸಂಖ್ಯೆ 3,80,116 ಇದ್ದು, ಯೋಜನೆಗಳ ಸದುಪಯೋಗದ ಬಗ್ಗೆ ಮಾಹಿತಿ ನೀಡಲಾಗುವುದು. ಕಾರ್ಯಕ್ರಮದಲ್ಲಿ ಸಚಿವರು, ಶಾಸಕರು ಹಾಗೂ ಜನಪ್ರತಿನಿಧಿಗಳು ಉಪಸ್ಥಿತರಿರುವರು ಎಂದರು. ಸಭೆಯಲ್ಲಿ ಜಿಲ್ಲಾ ಪಂಚಾಯತ್ ಮುಖ್ಯ ಕಾರ್ಯನಿರ್ವಹಣಾಧಿಕಾರಿ, ಉಪಾಧ್ಯಕ್ಷರು ಹಾಗೂ ಸದಸ್ಯರು ಉಪಸ್ಥಿತರಿದ್ದರು.

ದಕ್ಷಿಣ ಕನ್ನಡ ಜಿಲ್ಲಾ ಮಟ್ಟದ ಗ್ಯಾರಂಟಿ ಫಲಾನುಭವಿಗಳ ಸಮಾವೇಶವನ್ನು ಡಿ.23ರಂದು ನಗರದಲ್ಲಿ ಆಯೋಜಿಸಲಾಗಿದ್ದು, ಕಾರ್ಯಕ್ರಮವನ್ನು ವ್ಯವಸ್ಥಿತವಾಗಿ ನಡೆಸಲು ಎಲ್ಲಾ ಇಲಾಖೆಗಳು ಸಹಕರಿಸಬೇಕು ಎಂದು ಗ್ಯಾರಂಟಿ ಸಮಿತಿ ಜಿಲ್ಲಾಧ್ಯಕ್ಷ ಭರತ್ ಮುಂಡೋಡಿ ಸೂಚಿಸಿದರು. ಜಿಲ್ಲಾ ಪಂಚಾಯತ್ ಸಭಾಂಗಣದಲ್ಲಿ ನಡೆದ ಪೂರ್ವಭಾವಿ ಸಭೆಯಲ್ಲಿ ಅವರು ಮಾತನಾಡಿದರು. ಜಿಲ್ಲೆಯ ಎಲ್ಲಾ ತಾಲೂಕುಗಳಿಂದ ಫಲಾನುಭವಿಗಳು ಭಾಗವಹಿಸಲಿದ್ದು, ಸಾರಿಗೆ ವ್ಯವಸ್ಥೆ, ಊಟೋಪಚಾರ ಹಾಗೂ ಆಸನ ವ್ಯವಸ್ಥೆ ಕುರಿತು ಅಧಿಕಾರಿಗಳಿಗೆ ಜವಾಬ್ದಾರಿ ವಹಿಸಲಾಯಿತು. ಗೃಹಲಕ್ಷ್ಮಿ, ಗೃಹಜ್ಯೋತಿ, ಅನ್ನಭಾಗ್ಯ, ಶಕ್ತಿ ಹಾಗೂ ಯುವನಿಧಿ ಯೋಜನೆಗಳ ಫಲಾನುಭವಿಗಳ ಸಂಖ್ಯೆ 3,80,116 ಇದ್ದು, ಯೋಜನೆಗಳ ಸದುಪಯೋಗದ ಬಗ್ಗೆ ಮಾಹಿತಿ ನೀಡಲಾಗುವುದು. ಕಾರ್ಯಕ್ರಮದಲ್ಲಿ ಸಚಿವರು, ಶಾಸಕರು ಹಾಗೂ ಜನಪ್ರತಿನಿಧಿಗಳು ಉಪಸ್ಥಿತರಿರುವರು ಎಂದರು. ಸಭೆಯಲ್ಲಿ ಜಿಲ್ಲಾ ಪಂಚಾಯತ್ ಮುಖ್ಯ ಕಾರ್ಯನಿರ್ವಹಣಾಧಿಕಾರಿ, ಉಪಾಧ್ಯಕ್ಷರು ಹಾಗೂ ಸದಸ್ಯರು ಉಪಸ್ಥಿತರಿದ್ದರು.

ದಕ್ಷಿಣ ಕನ್ನಡ ಜಿಲ್ಲಾ ಮಟ್ಟದ ಗ್ಯಾರಂಟಿ ಫಲಾನುಭವಿಗಳ ಸಮಾವೇಶವನ್ನು ಡಿ.23ರಂದು ನಗರದಲ್ಲಿ ಆಯೋಜಿಸಲಾಗಿದ್ದು, ಕಾರ್ಯಕ್ರಮವನ್ನು ವ್ಯವಸ್ಥಿತವಾಗಿ ನಡೆಸಲು ಎಲ್ಲಾ ಇಲಾಖೆಗಳು ಸಹಕರಿಸಬೇಕು ಎಂದು ಗ್ಯಾರಂಟಿ ಸಮಿತಿ ಜಿಲ್ಲಾಧ್ಯಕ್ಷ ಭರತ್ ಮುಂಡೋಡಿ ಸೂಚಿಸಿದರು. ಜಿಲ್ಲಾ ಪಂಚಾಯತ್ ಸಭಾಂಗಣದಲ್ಲಿ ನಡೆದ ಪೂರ್ವಭಾವಿ ಸಭೆಯಲ್ಲಿ ಅವರು ಮಾತನಾಡಿದರು. ಜಿಲ್ಲೆಯ ಎಲ್ಲಾ ತಾಲೂಕುಗಳಿಂದ ಫಲಾನುಭವಿಗಳು ಭಾಗವಹಿಸಲಿದ್ದು, ಸಾರಿಗೆ ವ್ಯವಸ್ಥೆ, ಊಟೋಪಚಾರ ಹಾಗೂ ಆಸನ ವ್ಯವಸ್ಥೆ ಕುರಿತು ಅಧಿಕಾರಿಗಳಿಗೆ ಜವಾಬ್ದಾರಿ ವಹಿಸಲಾಯಿತು. ಗೃಹಲಕ್ಷ್ಮಿ, ಗೃಹಜ್ಯೋತಿ, ಅನ್ನಭಾಗ್ಯ, ಶಕ್ತಿ ಹಾಗೂ ಯುವನಿಧಿ ಯೋಜನೆಗಳ ಫಲಾನುಭವಿಗಳ ಸಂಖ್ಯೆ 3,80,116 ಇದ್ದು, ಯೋಜನೆಗಳ ಸದುಪಯೋಗದ ಬಗ್ಗೆ ಮಾಹಿತಿ ನೀಡಲಾಗುವುದು. ಕಾರ್ಯಕ್ರಮದಲ್ಲಿ ಸಚಿವರು, ಶಾಸಕರು ಹಾಗೂ ಜನಪ್ರತಿನಿಧಿಗಳು ಉಪಸ್ಥಿತರಿರುವರು ಎಂದರು. ಸಭೆಯಲ್ಲಿ ಜಿಲ್ಲಾ ಪಂಚಾಯತ್ ಮುಖ್ಯ ಕಾರ್ಯನಿರ್ವಹಣಾಧಿಕಾರಿ, ಉಪಾಧ್ಯಕ್ಷರು ಹಾಗೂ ಸದಸ್ಯರು ಉಪಸ್ಥಿತರಿದ್ದರು.

ಮೈಸೂರು ಅಭಿವೃದ್ಧಿ ಪ್ರಾಧಿಕಾರ, ಮೈಸೂರು
ಜೆ.ಎಲ್.ಬಿ.ರಸ್ತೆ, ಮೈಸೂರು - 570 005.
ಸಂ: ಮೈಅಪ್ರಾ/ಆರ್‌ಎ/ಯೋಜನೆ-ಎಲ್/2025-26	ದಿನಾಂಕ: 09.12.2025
ಸಾರ್ವಜನಿಕ ಪ್ರಕಟಣೆ

ಕರ್ನಾಟಕ ನಗರ ಮತ್ತು ಗ್ರಾಮಾಂತರ ಯೋಜನಾ ಕಾಯ್ದೆ 1961ರ ಪ್ರಕರಣ 14(ಎ)ರನ್ವಯ ಮೈಸೂರು ತಾಲ್ಲೂಕು, ಕಸಬಾ ಹೋಬಳಿ, ಸರ್ವೆ ನಂಬರ್‌ನಲ್ಲಿನ ಜಮೀನಿನ ಭೂ ಉಪಯೋಗ ಬದಲಾವಣೆಗೆ ಸಂಬಂಧಿಸಿದಂತೆ ಸಾರ್ವಜನಿಕರಿಂದ ಆಕ್ಷೇಪಣೆಗಳನ್ನು ಆಹ್ವಾನಿಸಲಾಗಿದೆ. ಆಕ್ಷೇಪಣೆಗಳಿದ್ದಲ್ಲಿ ಈ ಪ್ರಕಟಣೆ ಪ್ರಕಟವಾದ 15 ದಿನಗಳೊಳಗಾಗಿ ಲಿಖಿತ ರೂಪದಲ್ಲಿ ಆಯುಕ್ತರು, ಮೈಸೂರು ಅಭಿವೃದ್ಧಿ ಪ್ರಾಧಿಕಾರ, ಮೈಸೂರು-570005 ಇವರಿಗೆ ಸಲ್ಲಿಸತಕ್ಕದ್ದು.

ಕರ್ನಾಟಕ ನಗರ ಮತ್ತು ಗ್ರಾಮಾಂತರ ಯೋಜನಾ ಕಾಯ್ದೆ 1961ರ ಪ್ರಕರಣ 14(ಎ)ರನ್ವಯ ಮೈಸೂರು ತಾಲ್ಲೂಕು, ಕಸಬಾ ಹೋಬಳಿ, ಸರ್ವೆ ನಂಬರ್‌ನಲ್ಲಿನ ಜಮೀನಿನ ಭೂ ಉಪಯೋಗ ಬದಲಾವಣೆಗೆ ಸಂಬಂಧಿಸಿದಂತೆ ಸಾರ್ವಜನಿಕರಿಂದ ಆಕ್ಷೇಪಣೆಗಳನ್ನು ಆಹ್ವಾನಿಸಲಾಗಿದೆ. ಆಕ್ಷೇಪಣೆಗಳಿದ್ದಲ್ಲಿ ಈ ಪ್ರಕಟಣೆ ಪ್ರಕಟವಾದ 15 ದಿನಗಳೊಳಗಾಗಿ ಲಿಖಿತ ರೂಪದಲ್ಲಿ ಆಯುಕ್ತರು, ಮೈಸೂರು ಅಭಿವೃದ್ಧಿ ಪ್ರಾಧಿಕಾರ, ಮೈಸೂರು-570005 ಇವರಿಗೆ ಸಲ್ಲಿಸತಕ್ಕದ್ದು.

KEY PLAN	NTS
Sy.no.200/3 Land in Question
LAND IN QUESTION
ಸಹಿ/- ನಗರ ಯೋಜಕ ಸದಸ್ಯರು, ಮೈಸೂರು ಅಭಿವೃದ್ಧಿ ಪ್ರಾಧಿಕಾರ, ಮೈಸೂರು.
DIPR/MYS/1346/SA/2025-26
